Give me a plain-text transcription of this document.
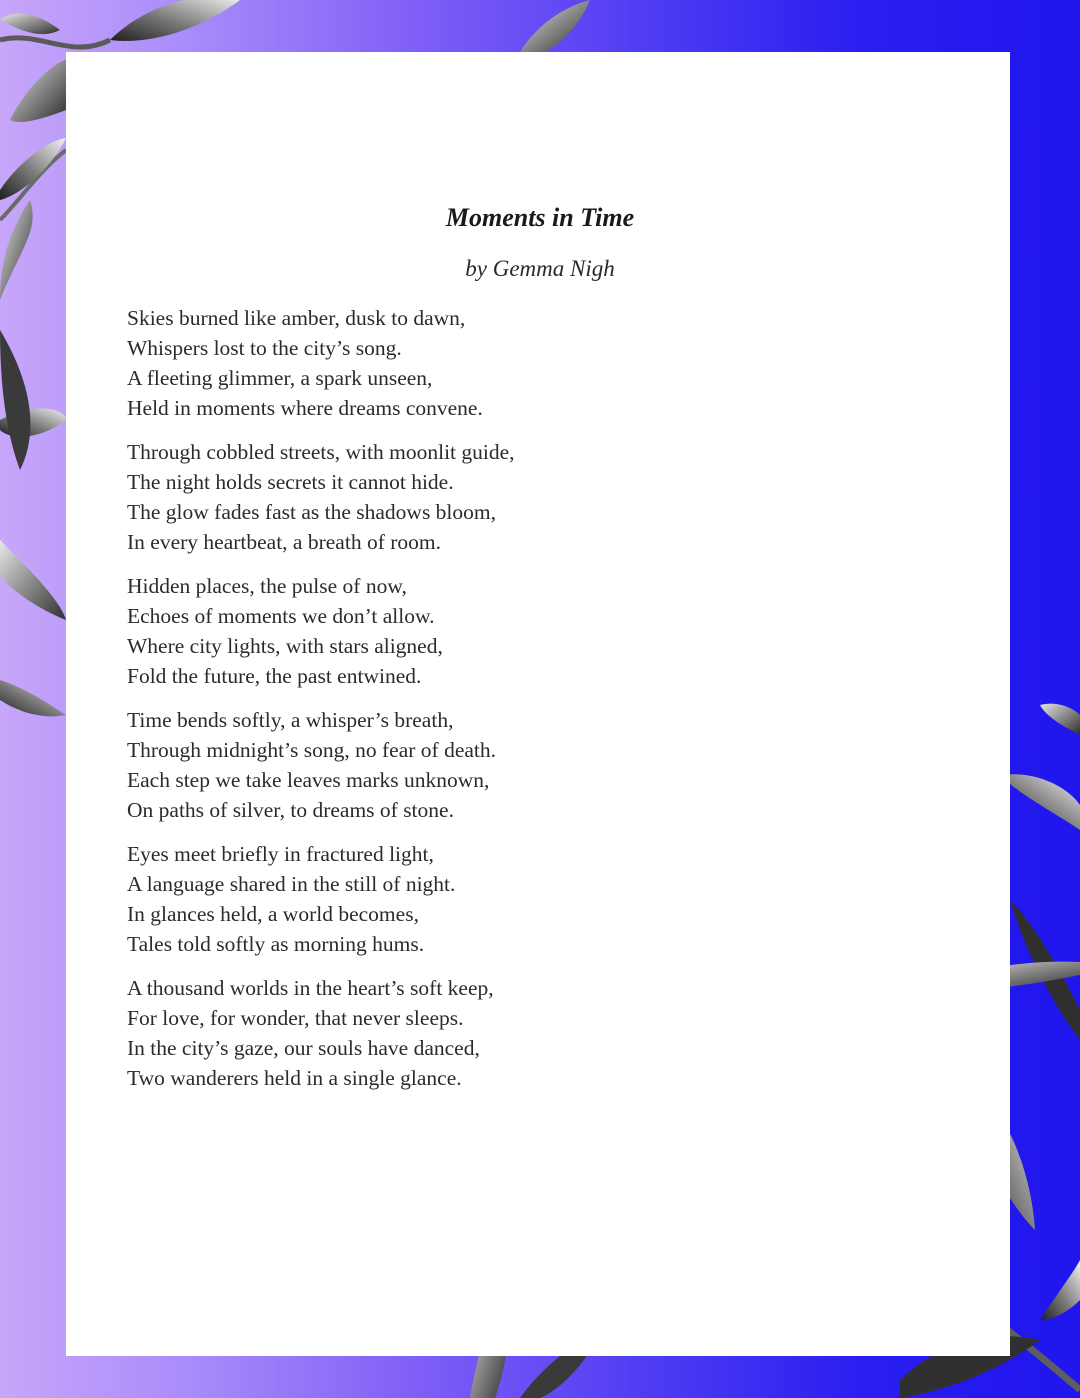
Moments in Time

by Gemma Nigh

Skies burned like amber, dusk to dawn,
Whispers lost to the city’s song.
A fleeting glimmer, a spark unseen,
Held in moments where dreams convene.
Through cobbled streets, with moonlit guide,
The night holds secrets it cannot hide.
The glow fades fast as the shadows bloom,
In every heartbeat, a breath of room.
Hidden places, the pulse of now,
Echoes of moments we don’t allow.
Where city lights, with stars aligned,
Fold the future, the past entwined.
Time bends softly, a whisper’s breath,
Through midnight’s song, no fear of death.
Each step we take leaves marks unknown,
On paths of silver, to dreams of stone.
Eyes meet briefly in fractured light,
A language shared in the still of night.
In glances held, a world becomes,
Tales told softly as morning hums.
A thousand worlds in the heart’s soft keep,
For love, for wonder, that never sleeps.
In the city’s gaze, our souls have danced,
Two wanderers held in a single glance.
